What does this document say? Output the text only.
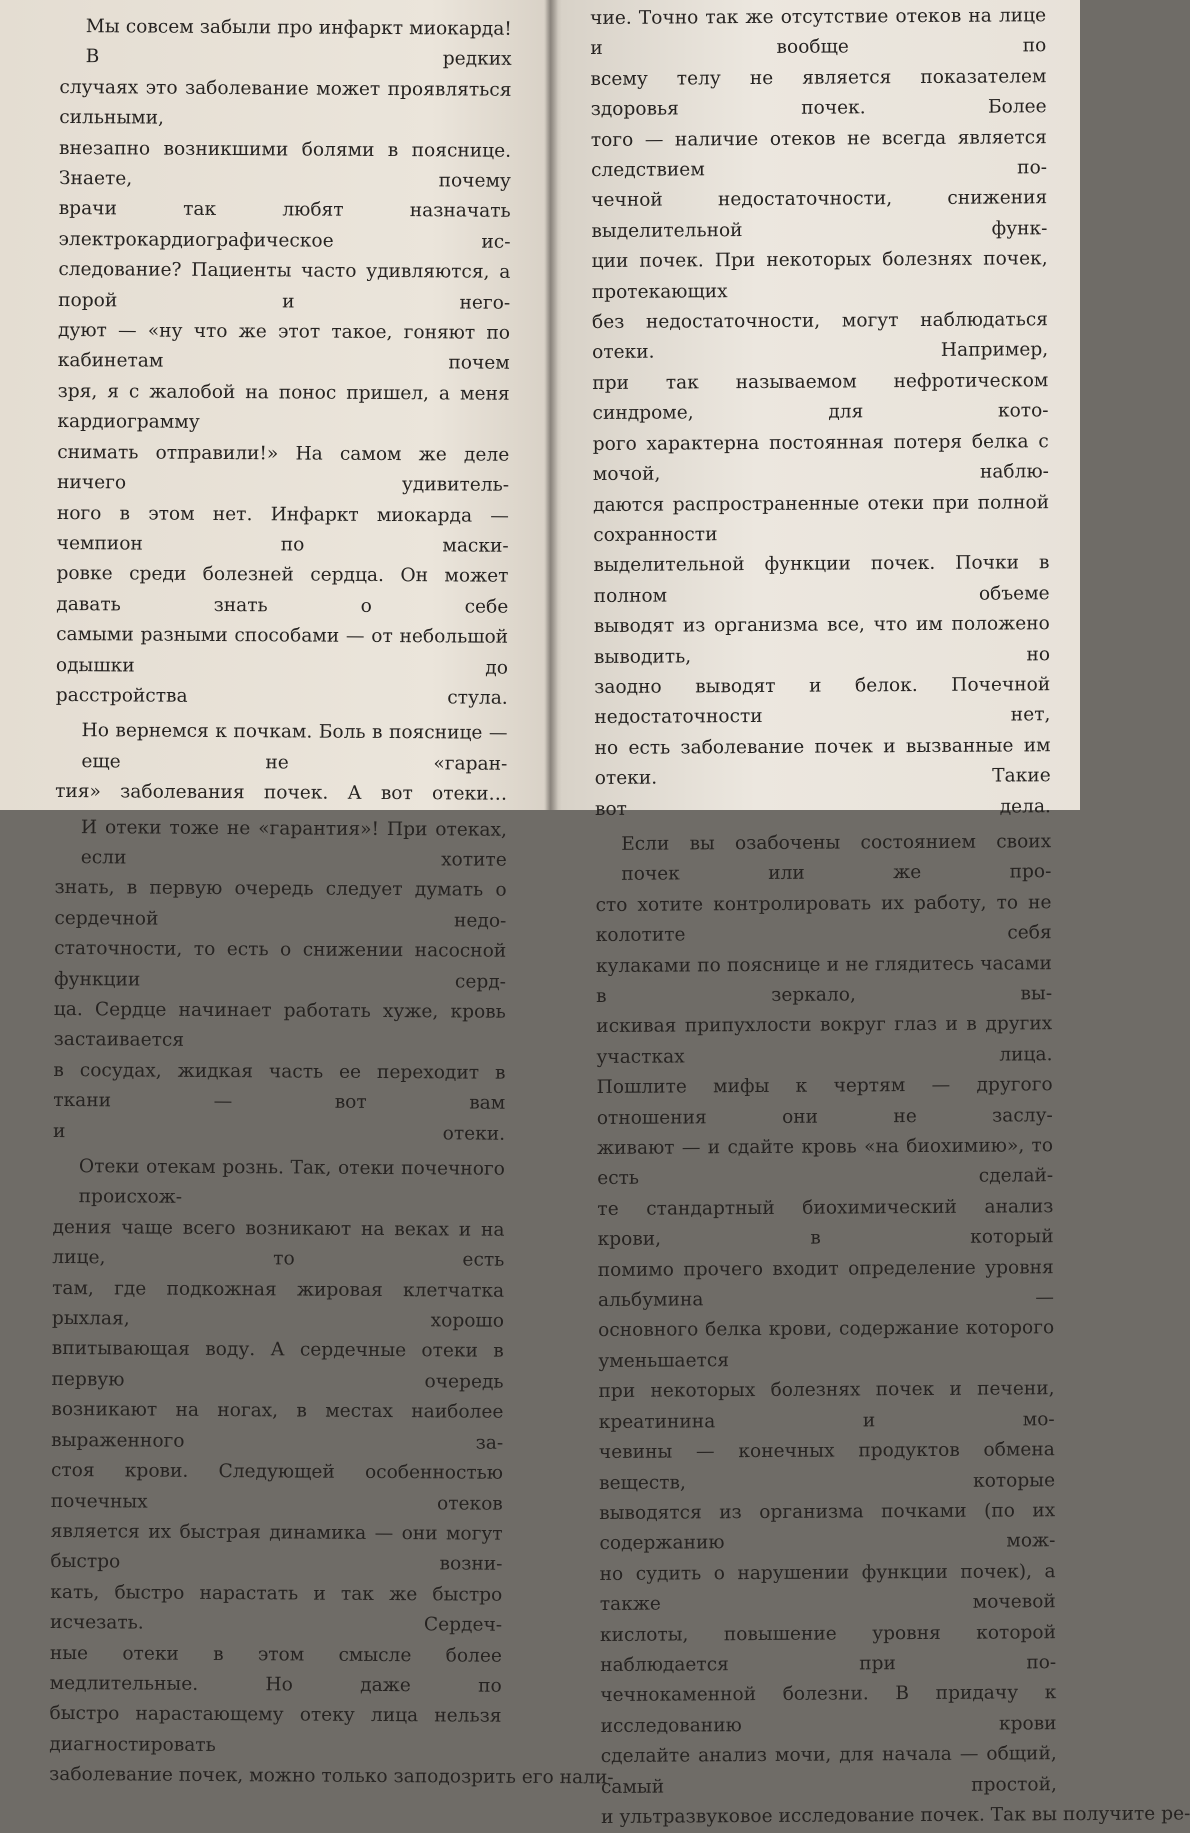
Мы совсем забыли про инфаркт миокарда! В редких
случаях это заболевание может проявляться сильными,
внезапно возникшими болями в пояснице. Знаете, почему
врачи так любят назначать электрокардиографическое ис-
следование? Пациенты часто удивляются, а порой и него-
дуют — «ну что же этот такое, гоняют по кабинетам почем
зря, я с жалобой на понос пришел, а меня кардиограмму
снимать отправили!» На самом же деле ничего удивитель-
ного в этом нет. Инфаркт миокарда — чемпион по маски-
ровке среди болезней сердца. Он может давать знать о себе
самыми разными способами — от небольшой одышки до
расстройства стула.
Но вернемся к почкам. Боль в пояснице — еще не «гаран-
тия» заболевания почек. А вот отеки…
И отеки тоже не «гарантия»! При отеках, если хотите
знать, в первую очередь следует думать о сердечной недо-
статочности, то есть о снижении насосной функции серд-
ца. Сердце начинает работать хуже, кровь застаивается
в сосудах, жидкая часть ее переходит в ткани — вот вам
и отеки.
Отеки отекам рознь. Так, отеки почечного происхож-
дения чаще всего возникают на веках и на лице, то есть
там, где подкожная жировая клетчатка рыхлая, хорошо
впитывающая воду. А сердечные отеки в первую очередь
возникают на ногах, в местах наиболее выраженного за-
стоя крови. Следующей особенностью почечных отеков
является их быстрая динамика — они могут быстро возни-
кать, быстро нарастать и так же быстро исчезать. Сердеч-
ные отеки в этом смысле более медлительные. Но даже по
быстро нарастающему отеку лица нельзя диагностировать
заболевание почек, можно только заподозрить его нали-
чие. Точно так же отсутствие отеков на лице и вообще по
всему телу не является показателем здоровья почек. Более
того — наличие отеков не всегда является следствием по-
чечной недостаточности, снижения выделительной функ-
ции почек. При некоторых болезнях почек, протекающих
без недостаточности, могут наблюдаться отеки. Например,
при так называемом нефротическом синдроме, для кото-
рого характерна постоянная потеря белка с мочой, наблю-
даются распространенные отеки при полной сохранности
выделительной функции почек. Почки в полном объеме
выводят из организма все, что им положено выводить, но
заодно выводят и белок. Почечной недостаточности нет,
но есть заболевание почек и вызванные им отеки. Такие
вот дела.
Если вы озабочены состоянием своих почек или же про-
сто хотите контролировать их работу, то не колотите себя
кулаками по пояснице и не глядитесь часами в зеркало, вы-
искивая припухлости вокруг глаз и в других участках лица.
Пошлите мифы к чертям — другого отношения они не заслу-
живают — и сдайте кровь «на биохимию», то есть сделай-
те стандартный биохимический анализ крови, в который
помимо прочего входит определение уровня альбумина —
основного белка крови, содержание которого уменьшается
при некоторых болезнях почек и печени, креатинина и мо-
чевины — конечных продуктов обмена веществ, которые
выводятся из организма почками (по их содержанию мож-
но судить о нарушении функции почек), а также мочевой
кислоты, повышение уровня которой наблюдается при по-
чечнокаменной болезни. В придачу к исследованию крови
сделайте анализ мочи, для начала — общий, самый простой,
и ультразвуковое исследование почек. Так вы получите ре-
